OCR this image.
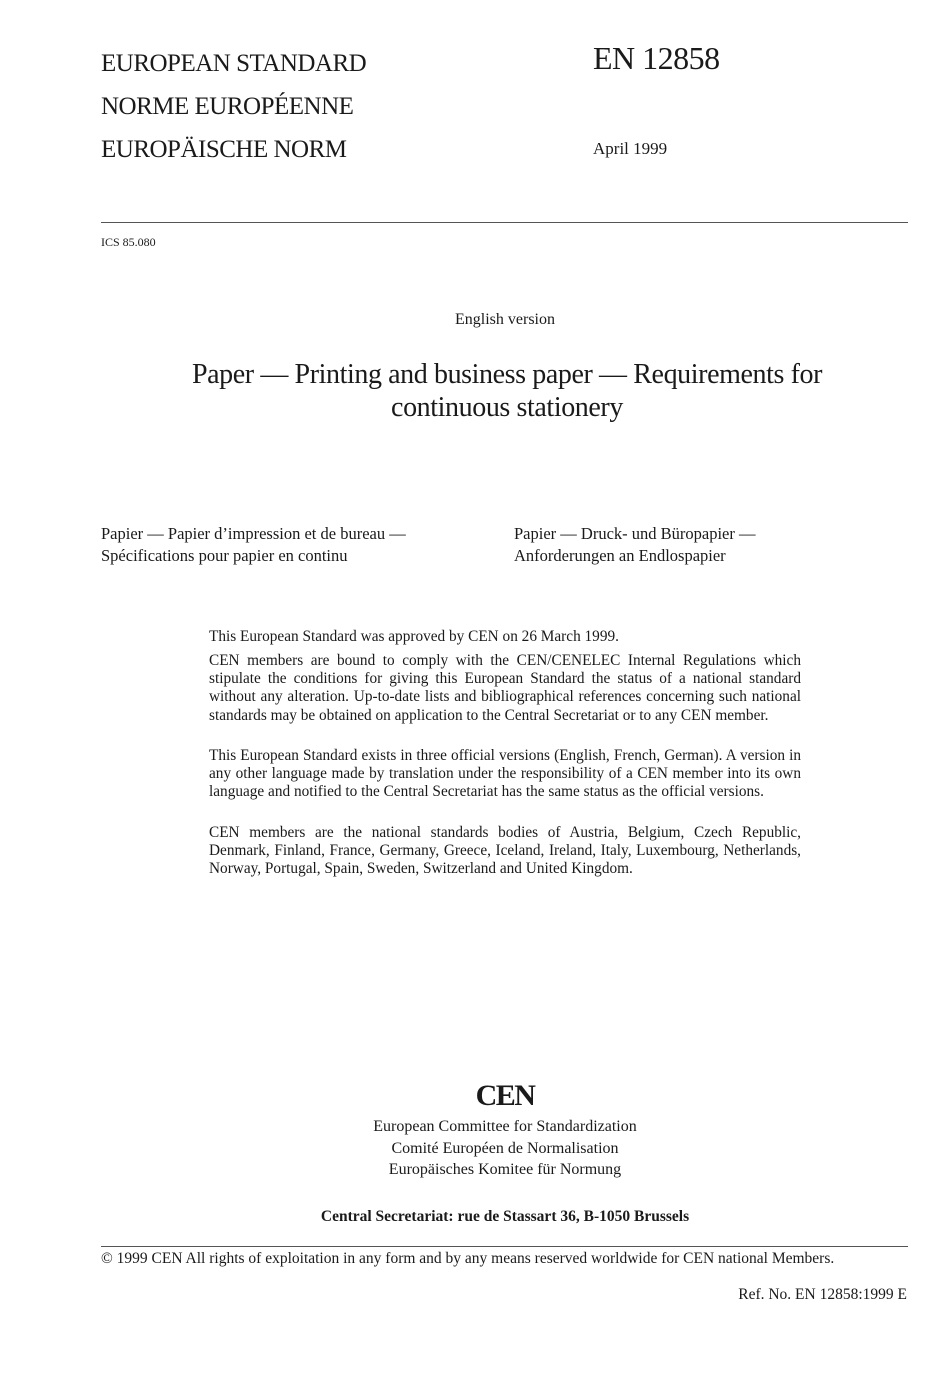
EUROPEAN STANDARD
NORME EUROPÉENNE
EUROPÄISCHE NORM
EN 12858
April 1999
ICS 85.080
English version
Paper — Printing and business paper — Requirements for
continuous stationery
Papier — Papier d’impression et de bureau —
Spécifications pour papier en continu
Papier — Druck- und Büropapier —
Anforderungen an Endlospapier
This European Standard was approved by CEN on 26 March 1999.
CEN members are bound to comply with the CEN/CENELEC Internal Regulations which stipulate the conditions for giving this European Standard the status of a national standard without any alteration. Up-to-date lists and bibliographical references concerning such national standards may be obtained on application to the Central Secretariat or to any CEN member.
This European Standard exists in three official versions (English, French, German). A version in any other language made by translation under the responsibility of a CEN member into its own language and notified to the Central Secretariat has the same status as the official versions.
CEN members are the national standards bodies of Austria, Belgium, Czech Republic, Denmark, Finland, France, Germany, Greece, Iceland, Ireland, Italy, Luxembourg, Netherlands, Norway, Portugal, Spain, Sweden, Switzerland and United Kingdom.
CEN
European Committee for Standardization
Comité Européen de Normalisation
Europäisches Komitee für Normung
Central Secretariat: rue de Stassart 36, B-1050 Brussels
© 1999 CEN All rights of exploitation in any form and by any means reserved worldwide for CEN national Members.
Ref. No. EN 12858:1999 E
